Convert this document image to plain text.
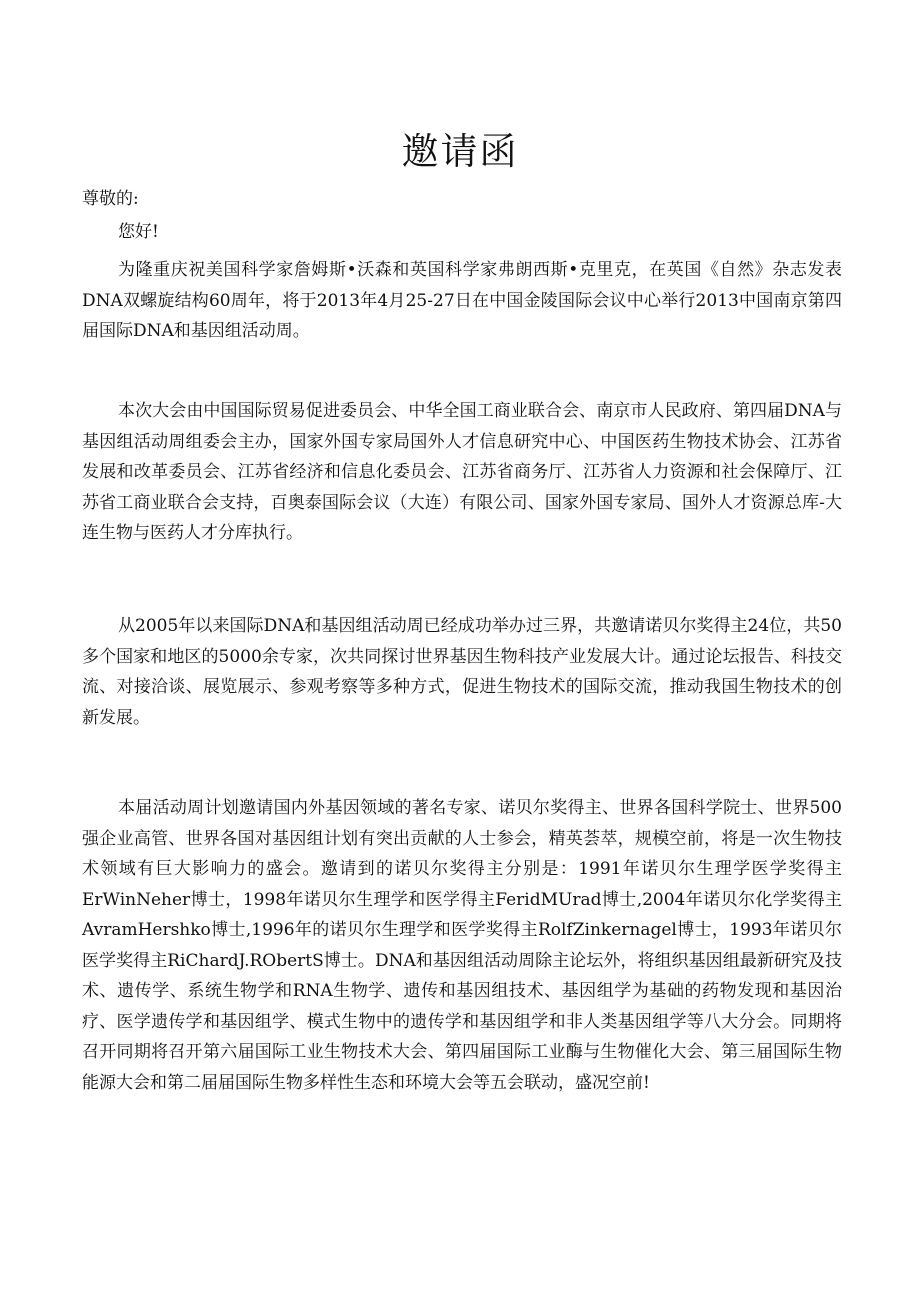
邀请函
尊敬的:
您好!
为隆重庆祝美国科学家詹姆斯•沃森和英国科学家弗朗西斯•克里克，在英国《自然》杂志发表DNA双螺旋结构60周年，将于2013年4月25-27日在中国金陵国际会议中心举行2013中国南京第四届国际DNA和基因组活动周。
本次大会由中国国际贸易促进委员会、中华全国工商业联合会、南京市人民政府、第四届DNA与基因组活动周组委会主办，国家外国专家局国外人才信息研究中心、中国医药生物技术协会、江苏省发展和改革委员会、江苏省经济和信息化委员会、江苏省商务厅、江苏省人力资源和社会保障厅、江苏省工商业联合会支持，百奥泰国际会议（大连）有限公司、国家外国专家局、国外人才资源总库-大连生物与医药人才分库执行。
从2005年以来国际DNA和基因组活动周已经成功举办过三界，共邀请诺贝尔奖得主24位，共50多个国家和地区的5000余专家，次共同探讨世界基因生物科技产业发展大计。通过论坛报告、科技交流、对接洽谈、展览展示、参观考察等多种方式，促进生物技术的国际交流，推动我国生物技术的创新发展。
本届活动周计划邀请国内外基因领域的著名专家、诺贝尔奖得主、世界各国科学院士、世界500强企业高管、世界各国对基因组计划有突出贡献的人士参会，精英荟萃，规模空前，将是一次生物技术领域有巨大影响力的盛会。邀请到的诺贝尔奖得主分别是：1991年诺贝尔生理学医学奖得主ErWinNeher博士，1998年诺贝尔生理学和医学得主FeridMUrad博士,2004年诺贝尔化学奖得主AvramHershko博士,1996年的诺贝尔生理学和医学奖得主RolfZinkernagel博士，1993年诺贝尔医学奖得主RiChardJ.RObertS博士。DNA和基因组活动周除主论坛外，将组织基因组最新研究及技术、遗传学、系统生物学和RNA生物学、遗传和基因组技术、基因组学为基础的药物发现和基因治疗、医学遗传学和基因组学、模式生物中的遗传学和基因组学和非人类基因组学等八大分会。同期将召开同期将召开第六届国际工业生物技术大会、第四届国际工业酶与生物催化大会、第三届国际生物能源大会和第二届届国际生物多样性生态和环境大会等五会联动，盛况空前!
